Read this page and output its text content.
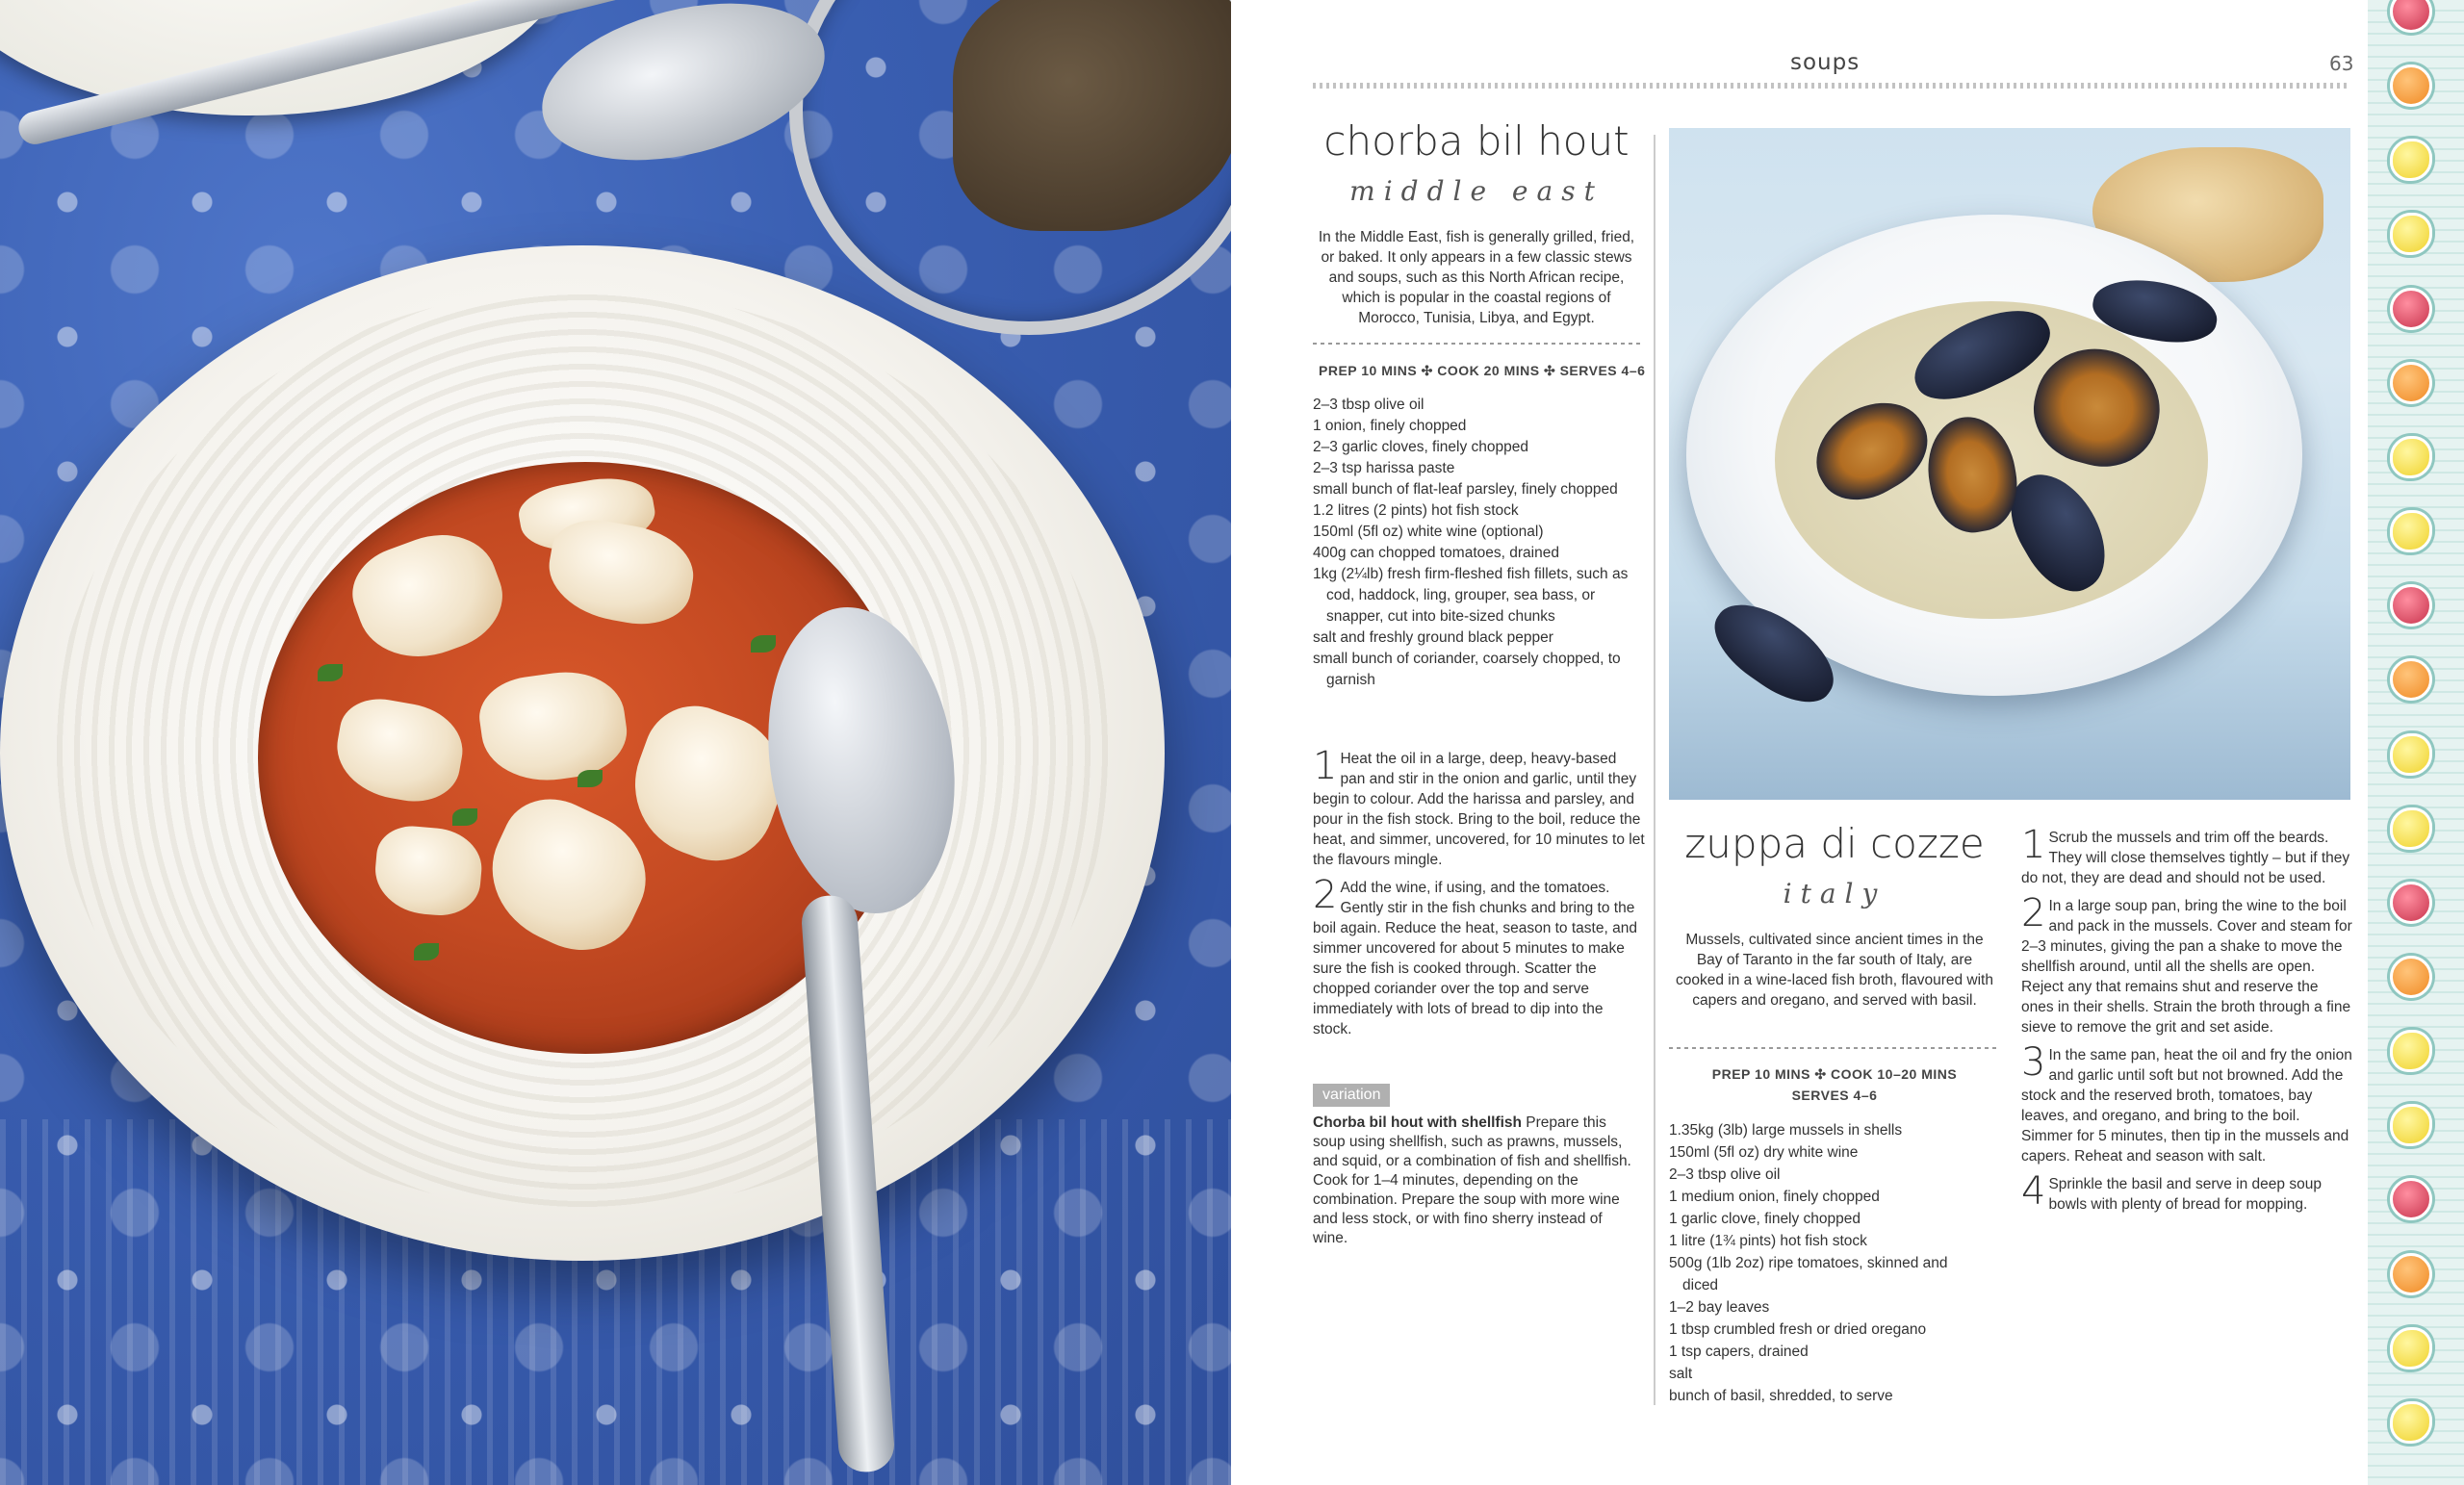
soups	63
chorba bil hout
middle east
In the Middle East, fish is generally grilled, fried, or baked. It only appears in a few classic stews and soups, such as this North African recipe, which is popular in the coastal regions of Morocco, Tunisia, Libya, and Egypt.
PREP 10 MINS ✣ COOK 20 MINS ✣ SERVES 4–6
2–3 tbsp olive oil
1 onion, finely chopped
2–3 garlic cloves, finely chopped
2–3 tsp harissa paste
small bunch of flat-leaf parsley, finely chopped
1.2 litres (2 pints) hot fish stock
150ml (5fl oz) white wine (optional)
400g can chopped tomatoes, drained
1kg (2¼lb) fresh firm-fleshed fish fillets, such as cod, haddock, ling, grouper, sea bass, or snapper, cut into bite-sized chunks
salt and freshly ground black pepper
small bunch of coriander, coarsely chopped, to garnish
1 Heat the oil in a large, deep, heavy-based pan and stir in the onion and garlic, until they begin to colour. Add the harissa and parsley, and pour in the fish stock. Bring to the boil, reduce the heat, and simmer, uncovered, for 10 minutes to let the flavours mingle.
2 Add the wine, if using, and the tomatoes. Gently stir in the fish chunks and bring to the boil again. Reduce the heat, season to taste, and simmer uncovered for about 5 minutes to make sure the fish is cooked through. Scatter the chopped coriander over the top and serve immediately with lots of bread to dip into the stock.
variation
Chorba bil hout with shellfish Prepare this soup using shellfish, such as prawns, mussels, and squid, or a combination of fish and shellfish. Cook for 1–4 minutes, depending on the combination. Prepare the soup with more wine and less stock, or with fino sherry instead of wine.
zuppa di cozze
italy
Mussels, cultivated since ancient times in the Bay of Taranto in the far south of Italy, are cooked in a wine-laced fish broth, flavoured with capers and oregano, and served with basil.
PREP 10 MINS ✣ COOK 10–20 MINS
SERVES 4–6
1.35kg (3lb) large mussels in shells
150ml (5fl oz) dry white wine
2–3 tbsp olive oil
1 medium onion, finely chopped
1 garlic clove, finely chopped
1 litre (1¾ pints) hot fish stock
500g (1lb 2oz) ripe tomatoes, skinned and diced
1–2 bay leaves
1 tbsp crumbled fresh or dried oregano
1 tsp capers, drained
salt
bunch of basil, shredded, to serve
1 Scrub the mussels and trim off the beards. They will close themselves tightly – but if they do not, they are dead and should not be used.
2 In a large soup pan, bring the wine to the boil and pack in the mussels. Cover and steam for 2–3 minutes, giving the pan a shake to move the shellfish around, until all the shells are open. Reject any that remains shut and reserve the ones in their shells. Strain the broth through a fine sieve to remove the grit and set aside.
3 In the same pan, heat the oil and fry the onion and garlic until soft but not browned. Add the stock and the reserved broth, tomatoes, bay leaves, and oregano, and bring to the boil. Simmer for 5 minutes, then tip in the mussels and capers. Reheat and season with salt.
4 Sprinkle the basil and serve in deep soup bowls with plenty of bread for mopping.
